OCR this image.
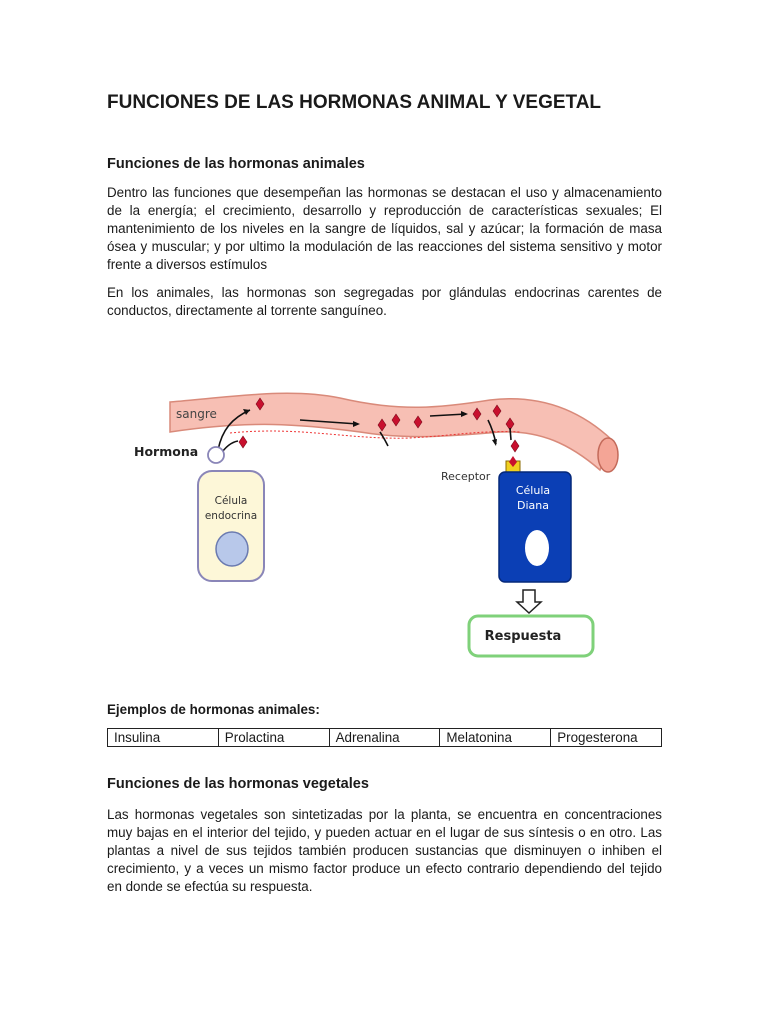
FUNCIONES DE LAS HORMONAS ANIMAL Y VEGETAL
Funciones de las hormonas animales

Dentro las funciones que desempeñan las hormonas se destacan el uso y almacenamiento de la energía; el crecimiento, desarrollo y reproducción de características sexuales; El mantenimiento de los niveles en la sangre de líquidos, sal y azúcar; la formación de masa ósea y muscular; y por ultimo la modulación de las reacciones del sistema sensitivo y motor frente a diversos estímulos

En los animales, las hormonas son segregadas por glándulas endocrinas carentes de conductos, directamente al torrente sanguíneo.

Ejemplos de hormonas animales:
Insulina	Prolactina	Adrenalina	Melatonina	Progesterona
Funciones de las hormonas vegetales

Las hormonas vegetales son sintetizadas por la planta, se encuentra en concentraciones muy bajas en el interior del tejido, y pueden actuar en el lugar de sus síntesis o en otro. Las plantas a nivel de sus tejidos también producen sustancias que disminuyen o inhiben el crecimiento, y a veces un mismo factor produce un efecto contrario dependiendo del tejido en donde se efectúa su respuesta.

sangre
Hormona
Célula
endocrina
Receptor
Célula
Diana
Respuesta
